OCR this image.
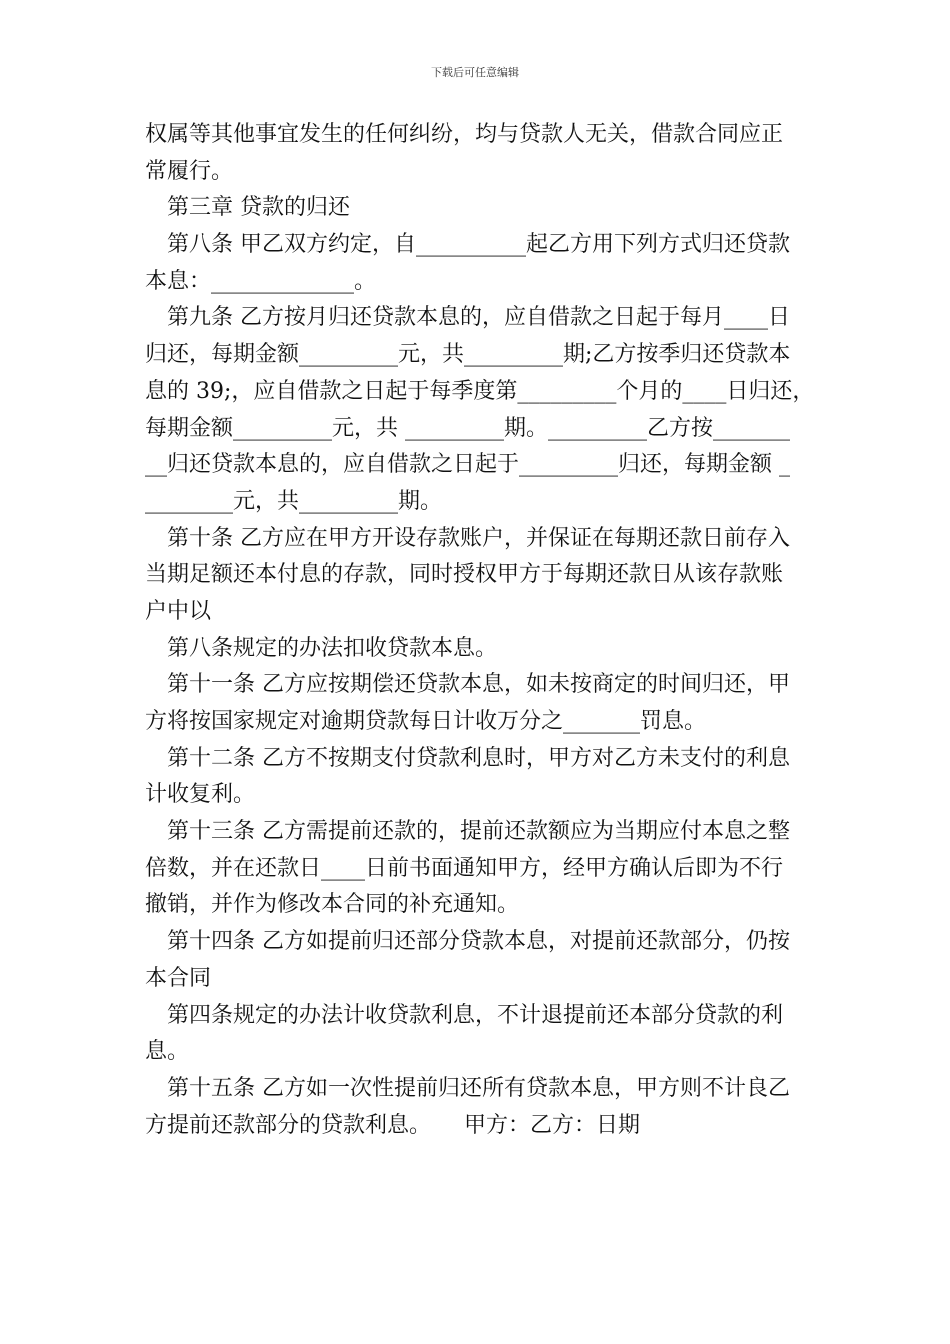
下载后可任意编辑
权属等其他事宜发生的任何纠纷，均与贷款人无关，借款合同应正
常履行。
第三章 贷款的归还
第八条 甲乙双方约定，自__________起乙方用下列方式归还贷款
本息：_____________。
第九条 乙方按月归还贷款本息的，应自借款之日起于每月____日
归还，每期金额_________元，共_________期;乙方按季归还贷款本
息的 39;，应自借款之日起于每季度第_________个月的____日归还，
每期金额_________元，共 _________期。_________乙方按_______
__归还贷款本息的，应自借款之日起于_________归还，每期金额 _
________元，共_________期。
第十条 乙方应在甲方开设存款账户，并保证在每期还款日前存入
当期足额还本付息的存款，同时授权甲方于每期还款日从该存款账
户中以
第八条规定的办法扣收贷款本息。
第十一条 乙方应按期偿还贷款本息，如未按商定的时间归还，甲
方将按国家规定对逾期贷款每日计收万分之_______罚息。
第十二条 乙方不按期支付贷款利息时，甲方对乙方未支付的利息
计收复利。
第十三条 乙方需提前还款的，提前还款额应为当期应付本息之整
倍数，并在还款日____日前书面通知甲方，经甲方确认后即为不行
撤销，并作为修改本合同的补充通知。
第十四条 乙方如提前归还部分贷款本息，对提前还款部分，仍按
本合同
第四条规定的办法计收贷款利息，不计退提前还本部分贷款的利
息。
第十五条 乙方如一次性提前归还所有贷款本息，甲方则不计良乙
方提前还款部分的贷款利息。　　甲方：乙方：日期
